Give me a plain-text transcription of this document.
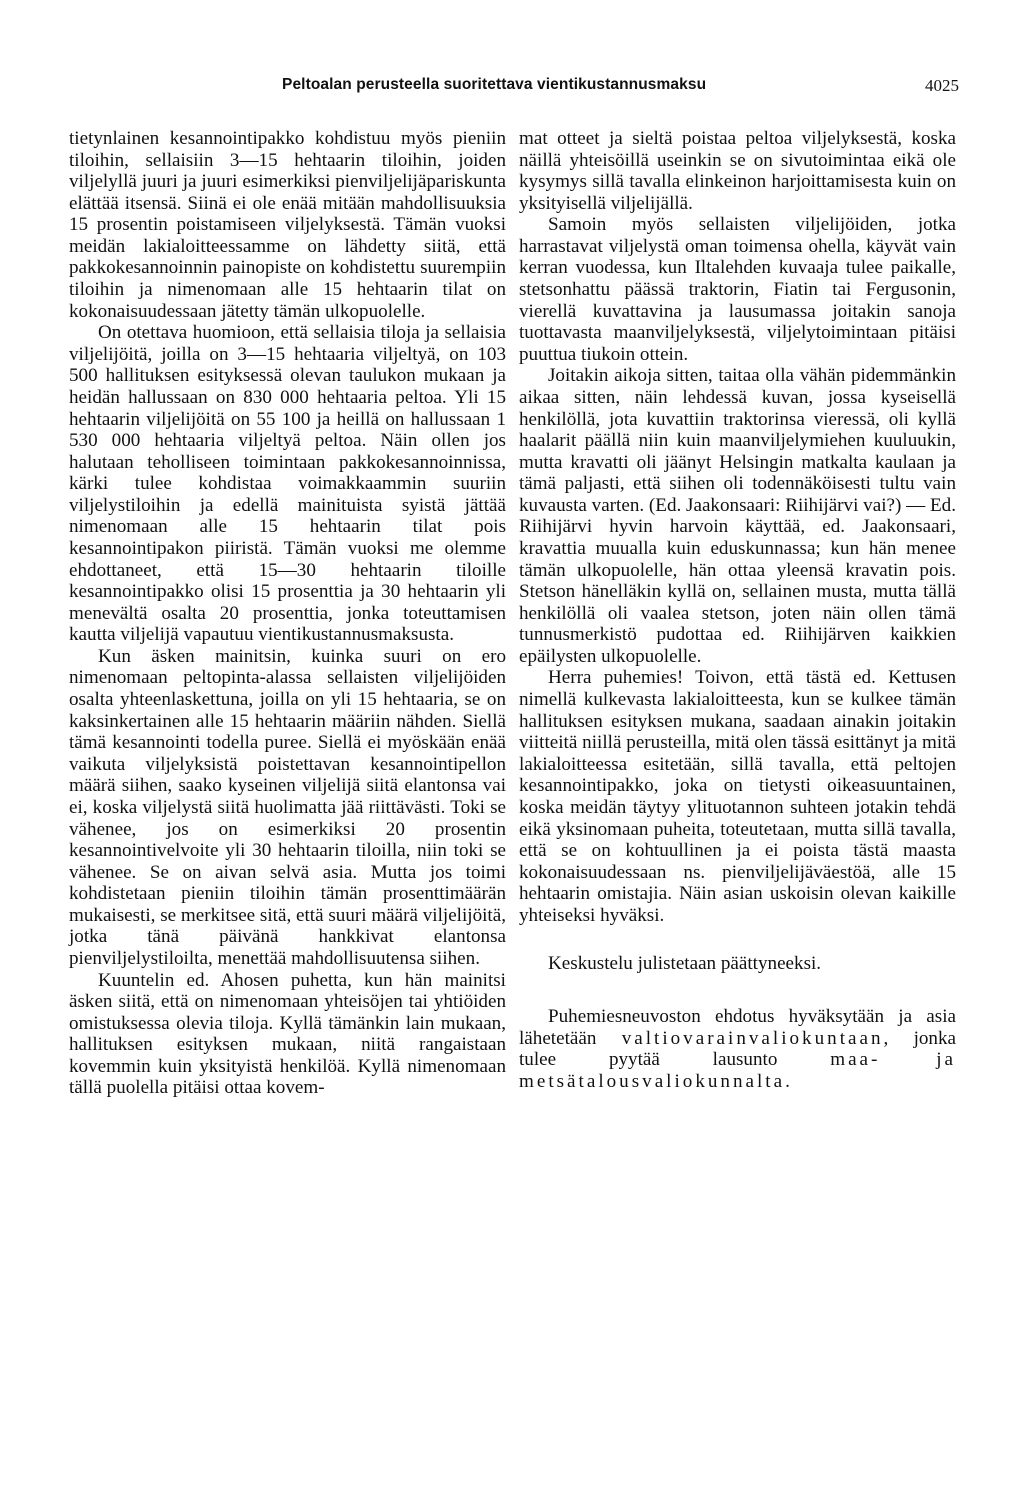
Peltoalan perusteella suoritettava vientikustannusmaksu	4025

tietynlainen kesannointipakko kohdistuu myös pieniin tiloihin, sellaisiin 3—15 hehtaarin tiloihin, joiden viljelyllä juuri ja juuri esimerkiksi pienviljelijäpariskunta elättää itsensä. Siinä ei ole enää mitään mahdollisuuksia 15 prosentin poistamiseen viljelyksestä. Tämän vuoksi meidän lakialoitteessamme on lähdetty siitä, että pakkokesannoinnin painopiste on kohdistettu suurempiin tiloihin ja nimenomaan alle 15 hehtaarin tilat on kokonaisuudessaan jätetty tämän ulkopuolelle.

On otettava huomioon, että sellaisia tiloja ja sellaisia viljelijöitä, joilla on 3—15 hehtaaria viljeltyä, on 103 500 hallituksen esityksessä olevan taulukon mukaan ja heidän hallussaan on 830 000 hehtaaria peltoa. Yli 15 hehtaarin viljelijöitä on 55 100 ja heillä on hallussaan 1 530 000 hehtaaria viljeltyä peltoa. Näin ollen jos halutaan teholliseen toimintaan pakkokesannoinnissa, kärki tulee kohdistaa voimakkaammin suuriin viljelystiloihin ja edellä mainituista syistä jättää nimenomaan alle 15 hehtaarin tilat pois kesannointipakon piiristä. Tämän vuoksi me olemme ehdottaneet, että 15—30 hehtaarin tiloille kesannointipakko olisi 15 prosenttia ja 30 hehtaarin yli menevältä osalta 20 prosenttia, jonka toteuttamisen kautta viljelijä vapautuu vientikustannusmaksusta.

Kun äsken mainitsin, kuinka suuri on ero nimenomaan peltopinta-alassa sellaisten viljelijöiden osalta yhteenlaskettuna, joilla on yli 15 hehtaaria, se on kaksinkertainen alle 15 hehtaarin määriin nähden. Siellä tämä kesannointi todella puree. Siellä ei myöskään enää vaikuta viljelyksistä poistettavan kesannointipellon määrä siihen, saako kyseinen viljelijä siitä elantonsa vai ei, koska viljelystä siitä huolimatta jää riittävästi. Toki se vähenee, jos on esimerkiksi 20 prosentin kesannointivelvoite yli 30 hehtaarin tiloilla, niin toki se vähenee. Se on aivan selvä asia. Mutta jos toimi kohdistetaan pieniin tiloihin tämän prosenttimäärän mukaisesti, se merkitsee sitä, että suuri määrä viljelijöitä, jotka tänä päivänä hankkivat elantonsa pienviljelystiloilta, menettää mahdollisuutensa siihen.

Kuuntelin ed. Ahosen puhetta, kun hän mainitsi äsken siitä, että on nimenomaan yhteisöjen tai yhtiöiden omistuksessa olevia tiloja. Kyllä tämänkin lain mukaan, hallituksen esityksen mukaan, niitä rangaistaan kovemmin kuin yksityistä henkilöä. Kyllä nimenomaan tällä puolella pitäisi ottaa kovem-

mat otteet ja sieltä poistaa peltoa viljelyksestä, koska näillä yhteisöillä useinkin se on sivutoimintaa eikä ole kysymys sillä tavalla elinkeinon harjoittamisesta kuin on yksityisellä viljelijällä.

Samoin myös sellaisten viljelijöiden, jotka harrastavat viljelystä oman toimensa ohella, käyvät vain kerran vuodessa, kun Iltalehden kuvaaja tulee paikalle, stetsonhattu päässä traktorin, Fiatin tai Fergusonin, vierellä kuvattavina ja lausumassa joitakin sanoja tuottavasta maanviljelyksestä, viljelytoimintaan pitäisi puuttua tiukoin ottein.

Joitakin aikoja sitten, taitaa olla vähän pidemmänkin aikaa sitten, näin lehdessä kuvan, jossa kyseisellä henkilöllä, jota kuvattiin traktorinsa vieressä, oli kyllä haalarit päällä niin kuin maanviljelymiehen kuuluukin, mutta kravatti oli jäänyt Helsingin matkalta kaulaan ja tämä paljasti, että siihen oli todennäköisesti tultu vain kuvausta varten. (Ed. Jaakonsaari: Riihijärvi vai?) — Ed. Riihijärvi hyvin harvoin käyttää, ed. Jaakonsaari, kravattia muualla kuin eduskunnassa; kun hän menee tämän ulkopuolelle, hän ottaa yleensä kravatin pois. Stetson hänelläkin kyllä on, sellainen musta, mutta tällä henkilöllä oli vaalea stetson, joten näin ollen tämä tunnusmerkistö pudottaa ed. Riihijärven kaikkien epäilysten ulkopuolelle.

Herra puhemies! Toivon, että tästä ed. Kettusen nimellä kulkevasta lakialoitteesta, kun se kulkee tämän hallituksen esityksen mukana, saadaan ainakin joitakin viitteitä niillä perusteilla, mitä olen tässä esittänyt ja mitä lakialoitteessa esitetään, sillä tavalla, että peltojen kesannointipakko, joka on tietysti oikeasuuntainen, koska meidän täytyy ylituotannon suhteen jotakin tehdä eikä yksinomaan puheita, toteutetaan, mutta sillä tavalla, että se on kohtuullinen ja ei poista tästä maasta kokonaisuudessaan ns. pienviljelijäväestöä, alle 15 hehtaarin omistajia. Näin asian uskoisin olevan kaikille yhteiseksi hyväksi.

Keskustelu julistetaan päättyneeksi.

Puhemiesneuvoston ehdotus hyväksytään ja asia lähetetään valtiovarainvaliokuntaan, jonka tulee pyytää lausunto	maa- ja metsätalousvaliokunnalta.
